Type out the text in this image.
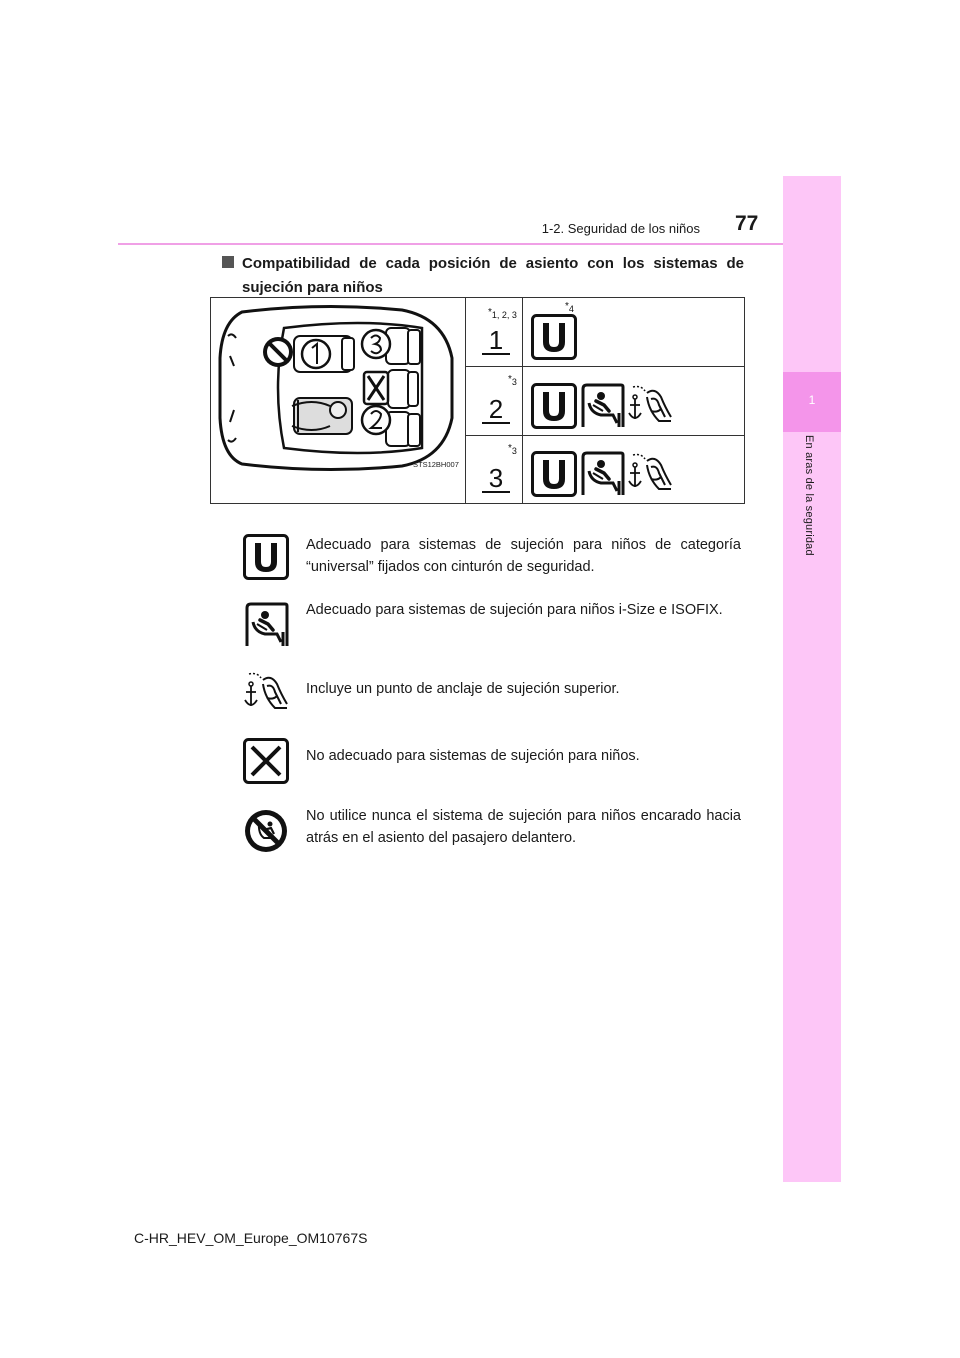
1-2. Seguridad de los niños 77
1
En aras de la seguridad
Compatibilidad de cada posición de asiento con los sistemas de sujeción para niños
STS12BH007
$*_{1, 2, 3}$
$*_4$
1
$*_3$
2
$*_3$
3
Adecuado para sistemas de sujeción para niños de categoría “universal” fijados con cinturón de seguridad.
Adecuado para sistemas de sujeción para niños i-Size e ISOFIX.
Incluye un punto de anclaje de sujeción superior.
No adecuado para sistemas de sujeción para niños.
No utilice nunca el sistema de sujeción para niños encarado hacia atrás en el asiento del pasajero delantero.
C-HR_HEV_OM_Europe_OM10767S
